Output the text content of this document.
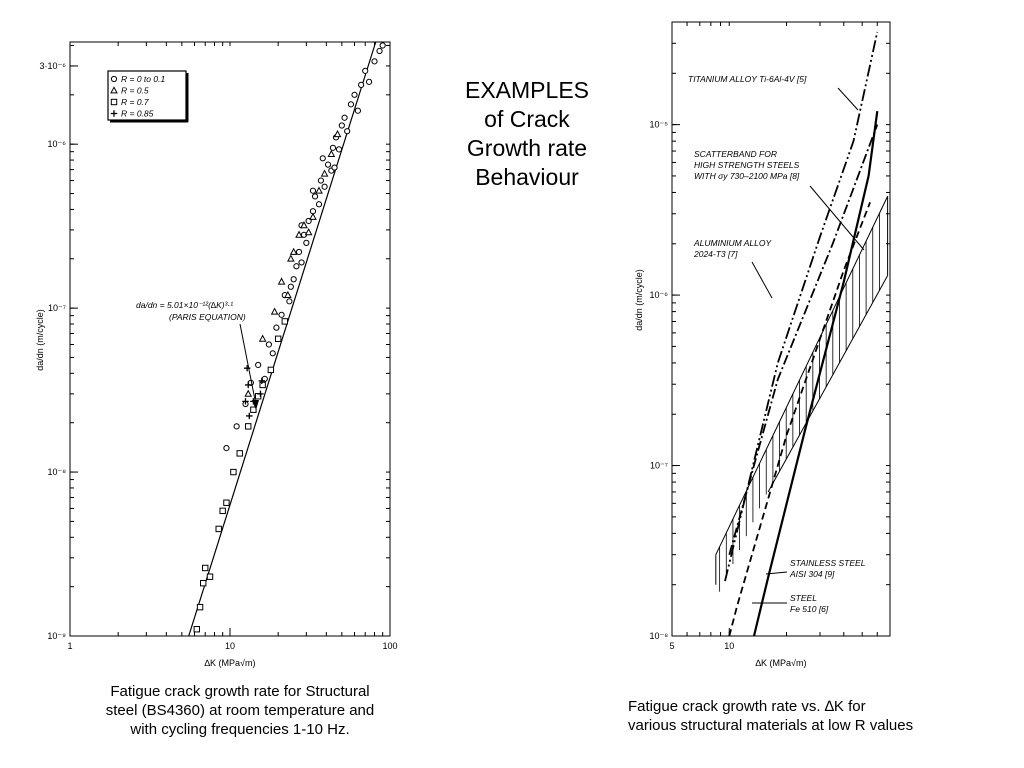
1	10	100
10⁻⁹
10⁻⁸
10⁻⁷
10⁻⁶
3·10⁻⁶
∆K (MPa√m)
da/dn (m/cycle)
R = 0 to 0.1
R = 0.5
R = 0.7
R = 0.85
da/dn = 5.01×10⁻¹²(∆K)³·¹
(PARIS EQUATION)
5	10
10⁻⁸
10⁻⁷
10⁻⁶
10⁻⁵
∆K (MPa√m)
da/dn (m/cycle)
TITANIUM ALLOY Ti-6Al-4V [5]
SCATTERBAND FOR
HIGH STRENGTH STEELS
WITH σy 730–2100 MPa [8]
ALUMINIUM ALLOY
2024-T3 [7]
STAINLESS STEEL
AISI 304 [9]
STEEL
Fe 510 [6]
EXAMPLES
of Crack
Growth rate
Behaviour
Fatigue crack growth rate for Structural
steel (BS4360) at room temperature and
with cycling frequencies 1-10 Hz.
Fatigue crack growth rate vs. ∆K for
various structural materials at low R values
